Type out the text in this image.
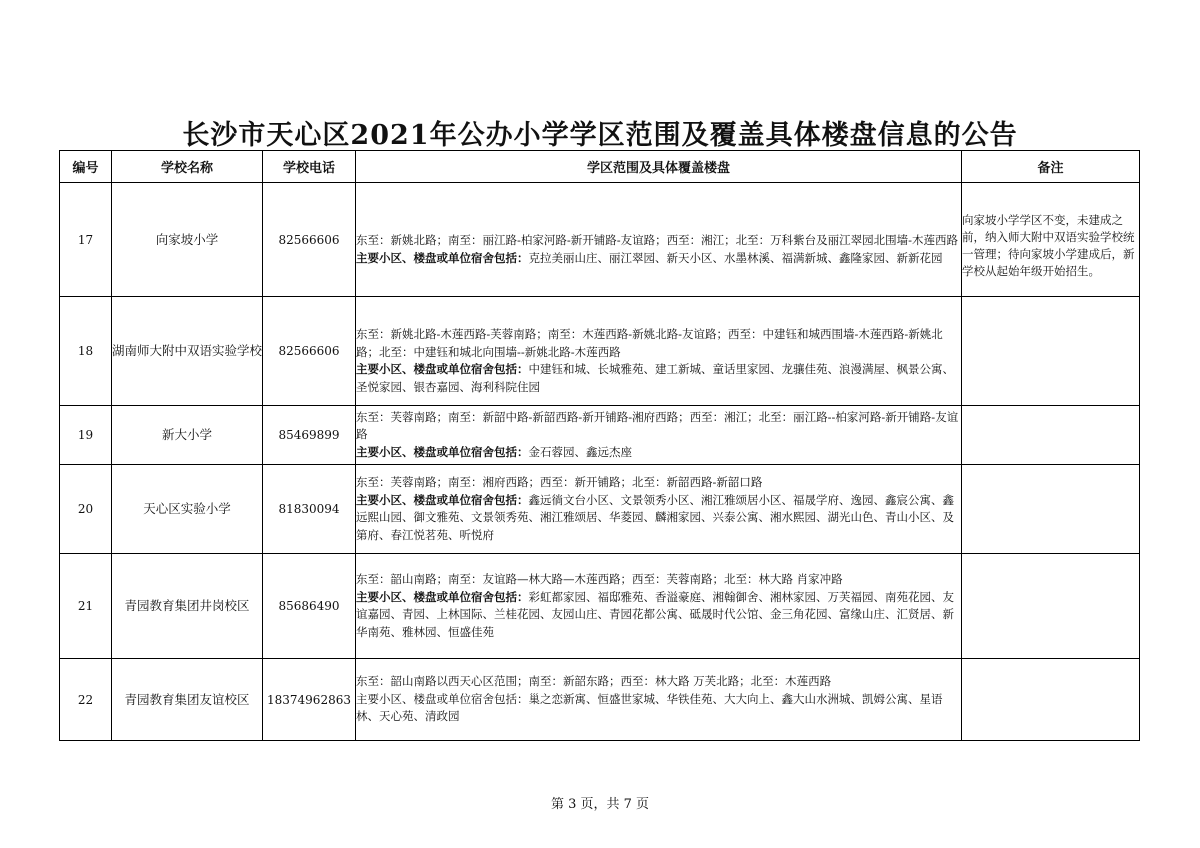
长沙市天心区2021年公办小学学区范围及覆盖具体楼盘信息的公告
编号	学校名称	学校电话	学区范围及具体覆盖楼盘	备注
17	向家坡小学	82566606	东至：新姚北路；南至：丽江路-柏家河路-新开铺路-友谊路；西至：湘江；北至：万科紫台及丽江翠园北围墙-木莲西路
主要小区、楼盘或单位宿舍包括：克拉美丽山庄、丽江翠园、新天小区、水墨林溪、福满新城、鑫隆家园、新新花园	向家坡小学学区不变，未建成之前，纳入师大附中双语实验学校统一管理；待向家坡小学建成后，新学校从起始年级开始招生。
18	湖南师大附中双语实验学校	82566606	东至：新姚北路-木莲西路-芙蓉南路；南至：木莲西路-新姚北路-友谊路；西至：中建钰和城西围墙-木莲西路-新姚北路；北至：中建钰和城北向围墙--新姚北路-木莲西路
主要小区、楼盘或单位宿舍包括：中建钰和城、长城雅苑、建工新城、童话里家园、龙骧佳苑、浪漫满屋、枫景公寓、圣悦家园、银杏嘉园、海利科院住园	
19	新大小学	85469899	东至：芙蓉南路；南至：新韶中路-新韶西路-新开铺路-湘府西路；西至：湘江；北至：丽江路--柏家河路-新开铺路-友谊路
主要小区、楼盘或单位宿舍包括：金石蓉园、鑫远杰座	
20	天心区实验小学	81830094	东至：芙蓉南路；南至：湘府西路；西至：新开铺路；北至：新韶西路-新韶口路
主要小区、楼盘或单位宿舍包括：鑫远徜文台小区、文景领秀小区、湘江雅颂居小区、福晟学府、逸园、鑫宸公寓、鑫远熙山园、御文雅苑、文景领秀苑、湘江雅颂居、华菱园、麟湘家园、兴泰公寓、湘水熙园、湖光山色、青山小区、及第府、春江悦茗苑、听悦府	
21	青园教育集团井岗校区	85686490	东至：韶山南路；南至：友谊路—林大路—木莲西路；西至：芙蓉南路；北至：林大路 肖家冲路
主要小区、楼盘或单位宿舍包括：彩虹都家园、福邸雅苑、香溢豪庭、湘翰御舍、湘林家园、万芙福园、南苑花园、友谊嘉园、青园、上林国际、兰桂花园、友园山庄、青园花都公寓、砥晟时代公馆、金三角花园、富缘山庄、汇贤居、新华南苑、雅林园、恒盛佳苑	
22	青园教育集团友谊校区	18374962863	东至：韶山南路以西天心区范围；南至：新韶东路；西至：林大路 万芙北路；北至：木莲西路
主要小区、楼盘或单位宿舍包括：巢之恋新寓、恒盛世家城、华铁佳苑、大大向上、鑫大山水洲城、凯姆公寓、星语林、天心苑、清政园	
第 3 页，共 7 页
